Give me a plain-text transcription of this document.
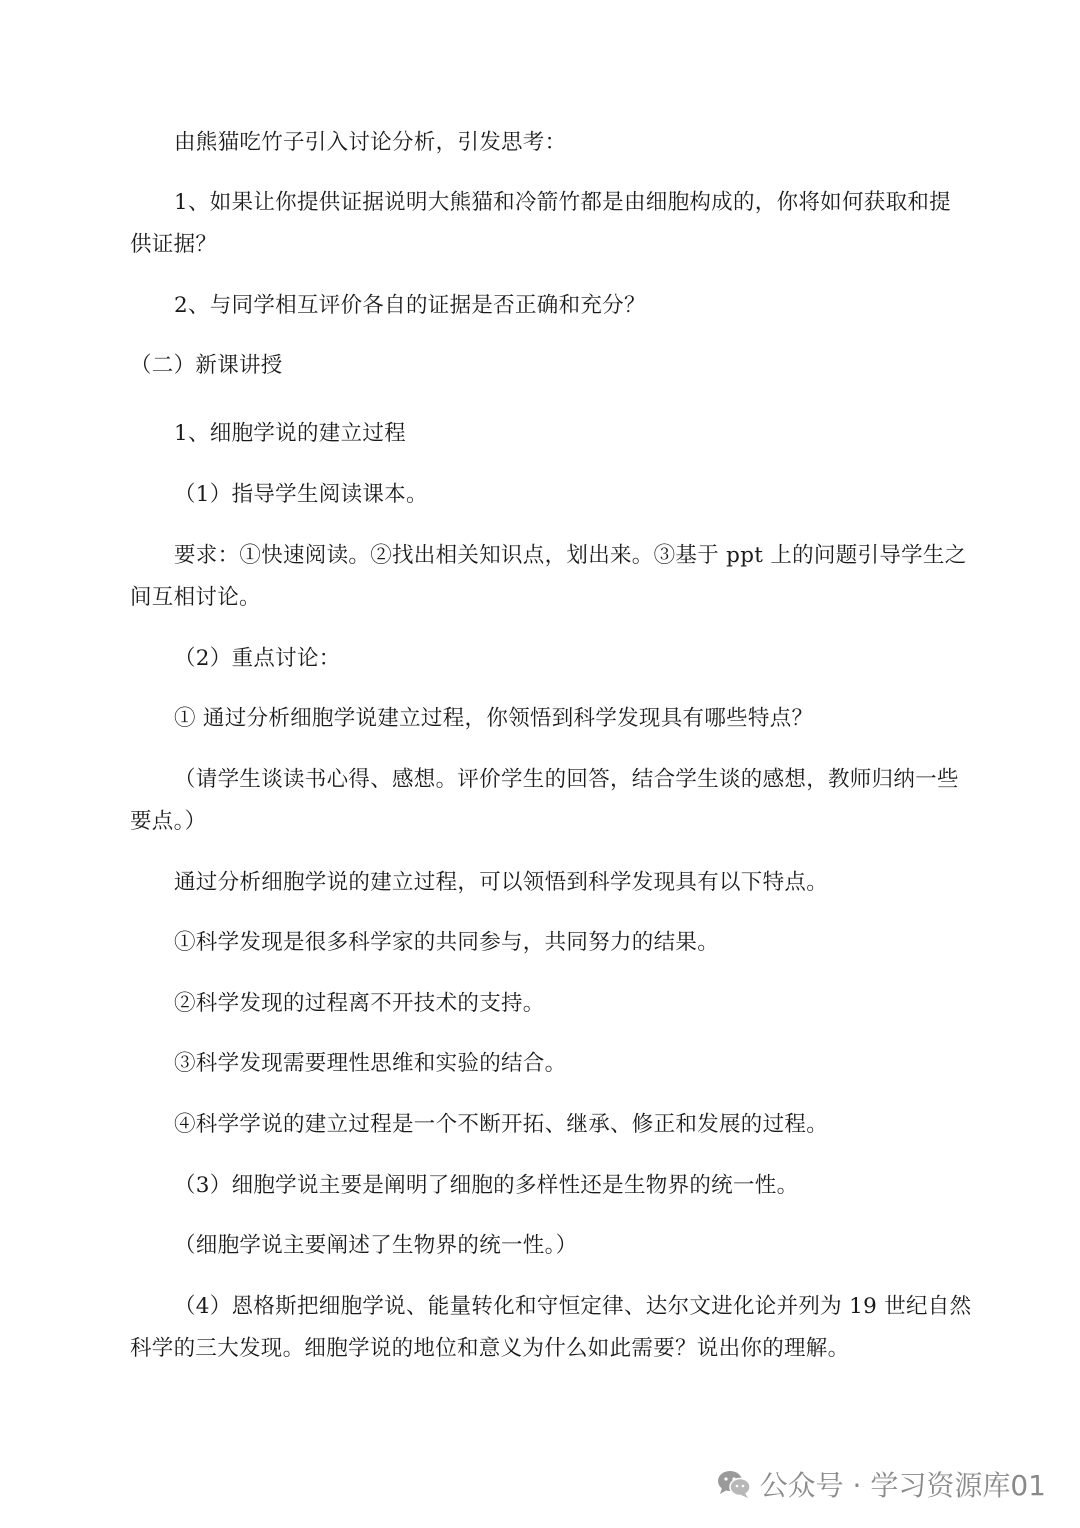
由熊猫吃竹子引入讨论分析，引发思考：

1、如果让你提供证据说明大熊猫和冷箭竹都是由细胞构成的，你将如何获取和提

供证据？

2、与同学相互评价各自的证据是否正确和充分？

（二）新课讲授

1、细胞学说的建立过程

（1）指导学生阅读课本。

要求：①快速阅读。②找出相关知识点，划出来。③基于 ppt 上的问题引导学生之

间互相讨论。

（2）重点讨论：

① 通过分析细胞学说建立过程，你领悟到科学发现具有哪些特点？

（请学生谈读书心得、感想。评价学生的回答，结合学生谈的感想，教师归纳一些

要点。）

通过分析细胞学说的建立过程，可以领悟到科学发现具有以下特点。

①科学发现是很多科学家的共同参与，共同努力的结果。

②科学发现的过程离不开技术的支持。

③科学发现需要理性思维和实验的结合。

④科学学说的建立过程是一个不断开拓、继承、修正和发展的过程。

（3）细胞学说主要是阐明了细胞的多样性还是生物界的统一性。

（细胞学说主要阐述了生物界的统一性。）

（4）恩格斯把细胞学说、能量转化和守恒定律、达尔文进化论并列为 19 世纪自然

科学的三大发现。细胞学说的地位和意义为什么如此需要？说出你的理解。

公众号 · 学习资源库01
